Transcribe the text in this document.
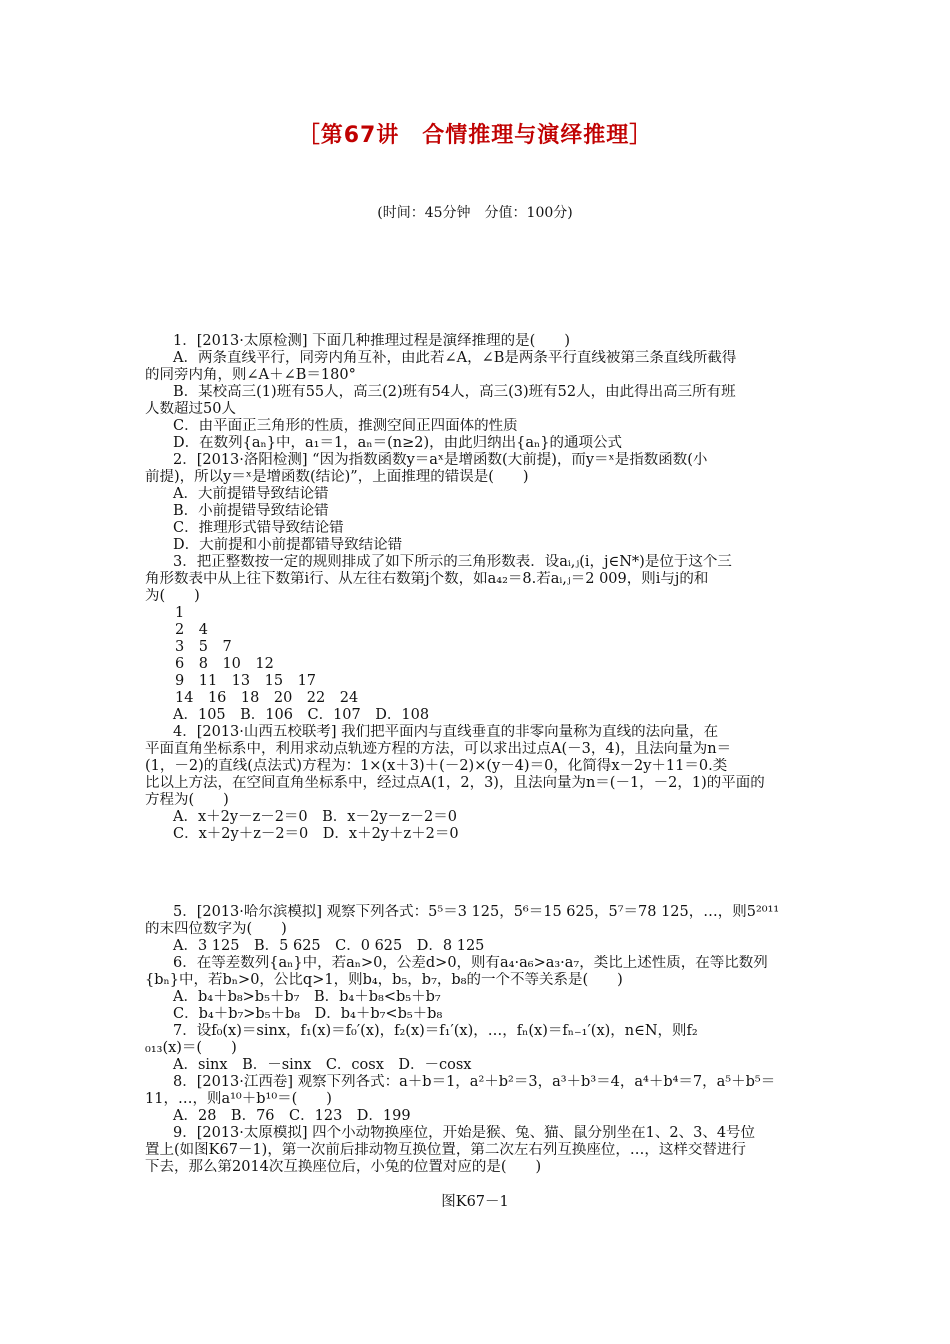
［第67讲　合情推理与演绎推理］
(时间：45分钟　分值：100分)
1．[2013·太原检测] 下面几种推理过程是演绎推理的是(　　)
A．两条直线平行，同旁内角互补，由此若∠A，∠B是两条平行直线被第三条直线所截得
的同旁内角，则∠A＋∠B＝180°
B．某校高三(1)班有55人，高三(2)班有54人，高三(3)班有52人，由此得出高三所有班
人数超过50人
C．由平面正三角形的性质，推测空间正四面体的性质
D．在数列{aₙ}中，a₁＝1，aₙ＝(n≥2)，由此归纳出{aₙ}的通项公式
2．[2013·洛阳检测] “因为指数函数y＝aˣ是增函数(大前提)，而y＝ˣ是指数函数(小
前提)，所以y＝ˣ是增函数(结论)”，上面推理的错误是(　　)
A．大前提错导致结论错
B．小前提错导致结论错
C．推理形式错导致结论错
D．大前提和小前提都错导致结论错
3．把正整数按一定的规则排成了如下所示的三角形数表．设aᵢ,ⱼ(i，j∈N*)是位于这个三
角形数表中从上往下数第i行、从左往右数第j个数，如a₄₂＝8.若aᵢ,ⱼ＝2 009，则i与j的和
为(　　)
1
2　4
3　5　7
6　8　10　12
9　11　13　15　17
14　16　18　20　22　24
A．105　B．106　C．107　D．108
4．[2013·山西五校联考] 我们把平面内与直线垂直的非零向量称为直线的法向量，在
平面直角坐标系中，利用求动点轨迹方程的方法，可以求出过点A(－3，4)，且法向量为n＝
(1，－2)的直线(点法式)方程为：1×(x＋3)＋(－2)×(y－4)＝0，化简得x－2y＋11＝0.类
比以上方法，在空间直角坐标系中，经过点A(1，2，3)，且法向量为n＝(－1，－2，1)的平面的
方程为(　　)
A．x＋2y－z－2＝0　B．x－2y－z－2＝0
C．x＋2y＋z－2＝0　D．x＋2y＋z＋2＝0
5．[2013·哈尔滨模拟] 观察下列各式：5⁵＝3 125，5⁶＝15 625，5⁷＝78 125，…，则5²⁰¹¹
的末四位数字为(　　)
A．3 125　B．5 625　C．0 625　D．8 125
6．在等差数列{aₙ}中，若aₙ>0，公差d>0，则有a₄·a₆>a₃·a₇，类比上述性质，在等比数列
{bₙ}中，若bₙ>0，公比q>1，则b₄，b₅，b₇，b₈的一个不等关系是(　　)
A．b₄＋b₈>b₅＋b₇　B．b₄＋b₈<b₅＋b₇
C．b₄＋b₇>b₅＋b₈　D．b₄＋b₇<b₅＋b₈
7．设f₀(x)＝sinx，f₁(x)＝f₀′(x)，f₂(x)＝f₁′(x)，…，fₙ(x)＝fₙ₋₁′(x)，n∈N，则f₂
₀₁₃(x)＝(　　)
A．sinx　B．－sinx　C．cosx　D．－cosx
8．[2013·江西卷] 观察下列各式：a＋b＝1，a²＋b²＝3，a³＋b³＝4，a⁴＋b⁴＝7，a⁵＋b⁵＝
11，…，则a¹⁰＋b¹⁰＝(　　)
A．28　B．76　C．123　D．199
9．[2013·太原模拟] 四个小动物换座位，开始是猴、兔、猫、鼠分别坐在1、2、3、4号位
置上(如图K67－1)，第一次前后排动物互换位置，第二次左右列互换座位，…，这样交替进行
下去，那么第2014次互换座位后，小兔的位置对应的是(　　)
图K67－1
